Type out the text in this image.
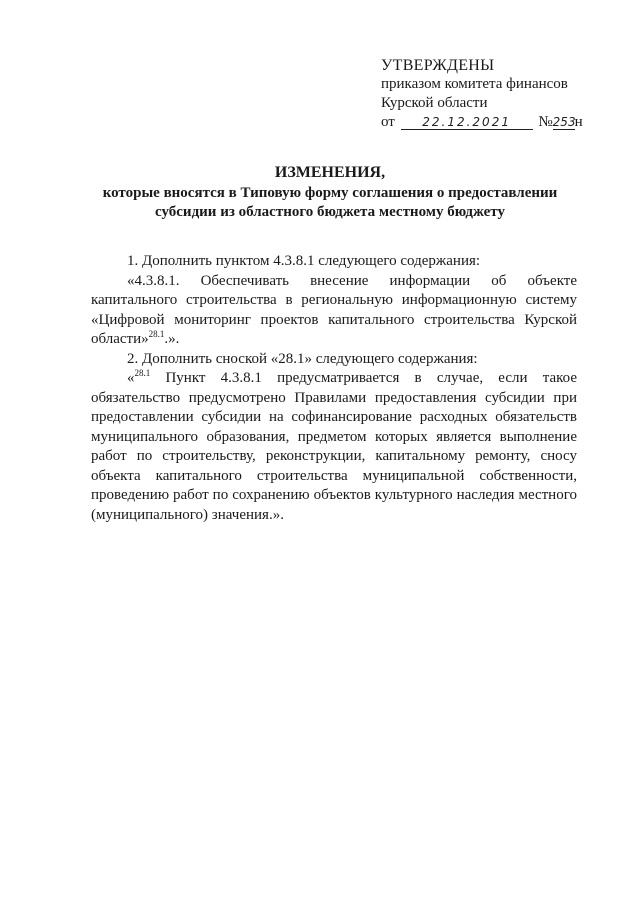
УТВЕРЖДЕНЫ
приказом комитета финансов
Курской области
от 22.12.2021 №253н
ИЗМЕНЕНИЯ,
которые вносятся в Типовую форму соглашения о предоставлении субсидии из областного бюджета местному бюджету

1. Дополнить пунктом 4.3.8.1 следующего содержания:

«4.3.8.1. Обеспечивать внесение информации об объекте капитального строительства в региональную информационную систему «Цифровой мониторинг проектов капитального строительства Курской области»$^{28.1}$.».

2. Дополнить сноской «28.1» следующего содержания:

«$^{28.1}$ Пункт 4.3.8.1 предусматривается в случае, если такое обязательство предусмотрено Правилами предоставления субсидии при предоставлении субсидии на софинансирование расходных обязательств муниципального образования, предметом которых является выполнение работ по строительству, реконструкции, капитальному ремонту, сносу объекта капитального строительства муниципальной собственности, проведению работ по сохранению объектов культурного наследия местного (муниципального) значения.».
